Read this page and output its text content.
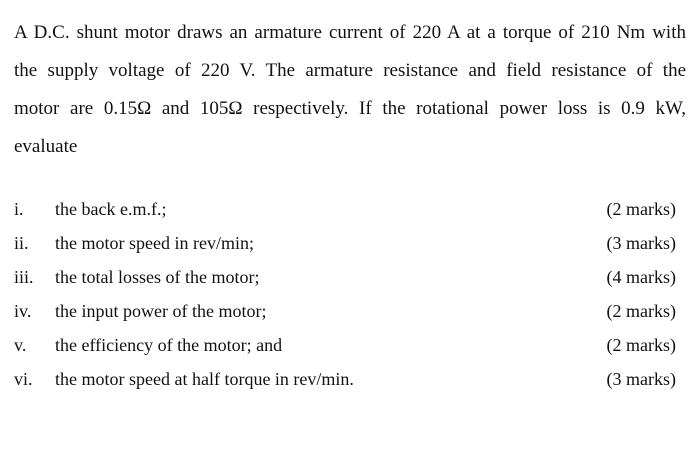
A D.C. shunt motor draws an armature current of 220 A at a torque of 210 Nm with
the supply voltage of 220 V. The armature resistance and field resistance of the
motor are 0.15Ω and 105Ω respectively. If the rotational power loss is 0.9 kW,
evaluate
i.	the back e.m.f.;	(2 marks)
ii.	the motor speed in rev/min;	(3 marks)
iii.	the total losses of the motor;	(4 marks)
iv.	the input power of the motor;	(2 marks)
v.	the efficiency of the motor; and	(2 marks)
vi.	the motor speed at half torque in rev/min.	(3 marks)
